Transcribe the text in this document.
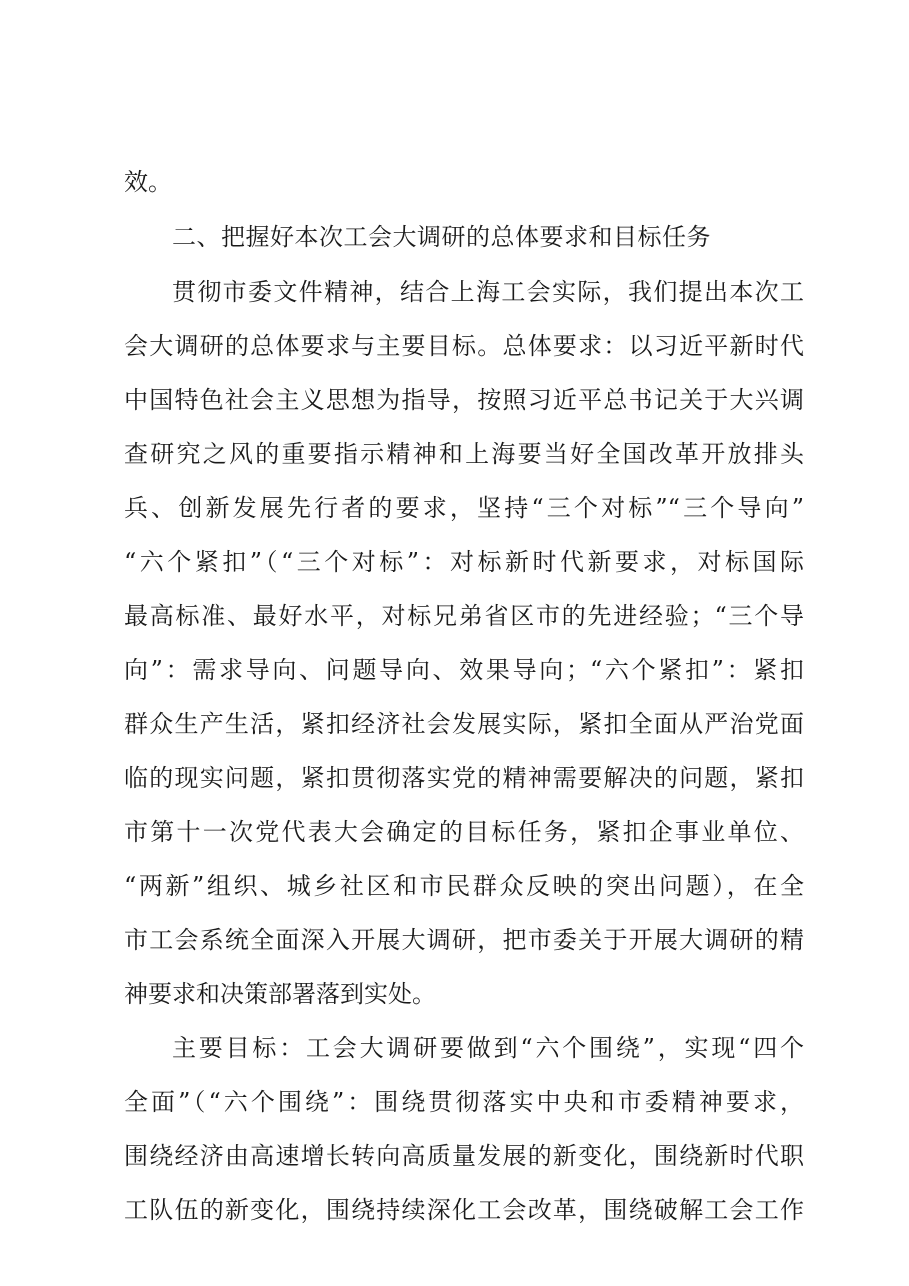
效。
二、把握好本次工会大调研的总体要求和目标任务
贯彻市委文件精神，结合上海工会实际，我们提出本次工
会大调研的总体要求与主要目标。总体要求：以习近平新时代
中国特色社会主义思想为指导，按照习近平总书记关于大兴调
查研究之风的重要指示精神和上海要当好全国改革开放排头
兵、创新发展先行者的要求，坚持“三个对标”“三个导向”
“六个紧扣”（“三个对标”：对标新时代新要求，对标国际
最高标准、最好水平，对标兄弟省区市的先进经验；“三个导
向”：需求导向、问题导向、效果导向；“六个紧扣”：紧扣
群众生产生活，紧扣经济社会发展实际，紧扣全面从严治党面
临的现实问题，紧扣贯彻落实党的精神需要解决的问题，紧扣
市第十一次党代表大会确定的目标任务，紧扣企事业单位、
“两新”组织、城乡社区和市民群众反映的突出问题），在全
市工会系统全面深入开展大调研，把市委关于开展大调研的精
神要求和决策部署落到实处。
主要目标：工会大调研要做到“六个围绕”，实现“四个
全面”（“六个围绕”：围绕贯彻落实中央和市委精神要求，
围绕经济由高速增长转向高质量发展的新变化，围绕新时代职
工队伍的新变化，围绕持续深化工会改革，围绕破解工会工作
